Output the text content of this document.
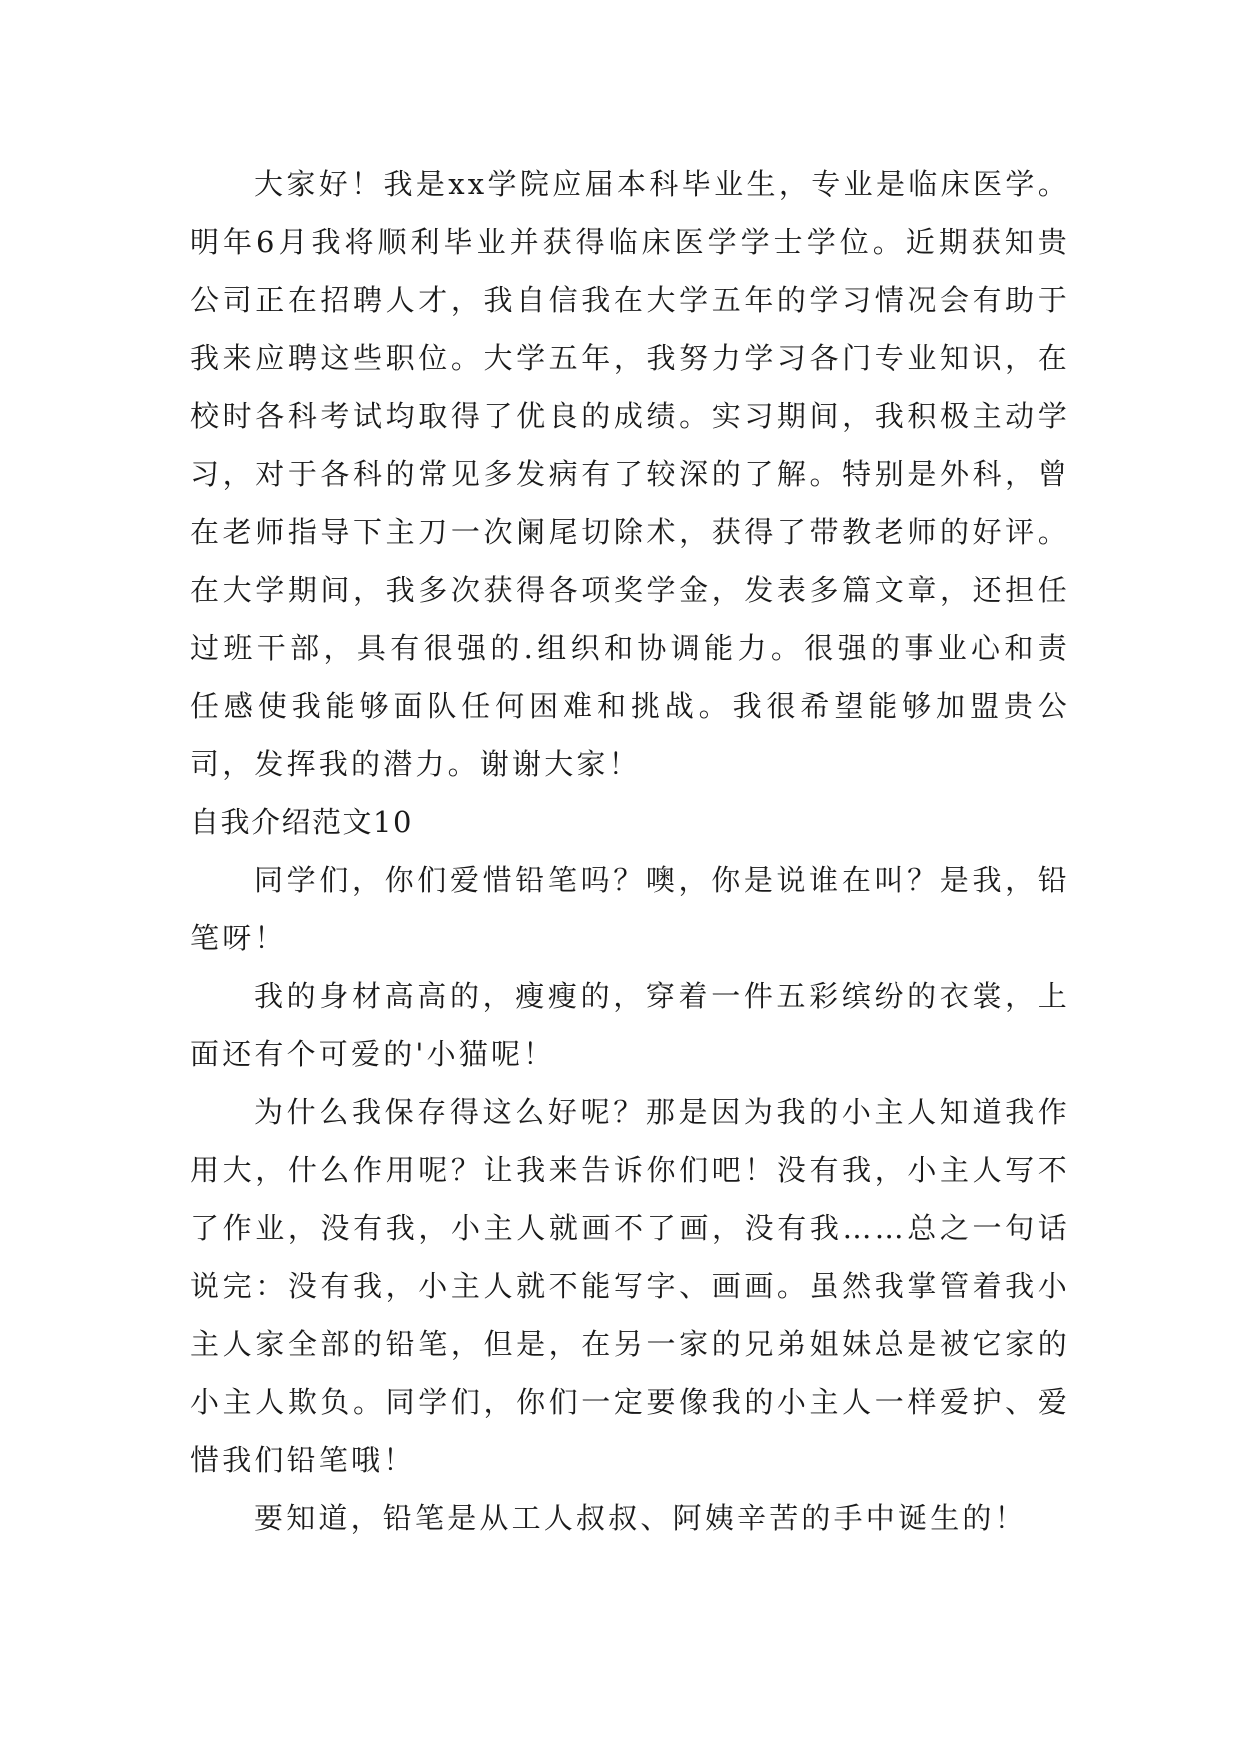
大家好！我是xx学院应届本科毕业生，专业是临床医学。明年6月我将顺利毕业并获得临床医学学士学位。近期获知贵公司正在招聘人才，我自信我在大学五年的学习情况会有助于我来应聘这些职位。大学五年，我努力学习各门专业知识，在校时各科考试均取得了优良的成绩。实习期间，我积极主动学习，对于各科的常见多发病有了较深的了解。特别是外科，曾在老师指导下主刀一次阑尾切除术，获得了带教老师的好评。在大学期间，我多次获得各项奖学金，发表多篇文章，还担任过班干部，具有很强的.组织和协调能力。很强的事业心和责任感使我能够面队任何困难和挑战。我很希望能够加盟贵公司，发挥我的潜力。谢谢大家！

自我介绍范文10

同学们，你们爱惜铅笔吗？噢，你是说谁在叫？是我，铅笔呀！

我的身材高高的，瘦瘦的，穿着一件五彩缤纷的衣裳，上面还有个可爱的'小猫呢！

为什么我保存得这么好呢？那是因为我的小主人知道我作用大，什么作用呢？让我来告诉你们吧！没有我，小主人写不了作业，没有我，小主人就画不了画，没有我……总之一句话说完：没有我，小主人就不能写字、画画。虽然我掌管着我小主人家全部的铅笔，但是，在另一家的兄弟姐妹总是被它家的小主人欺负。同学们，你们一定要像我的小主人一样爱护、爱惜我们铅笔哦！

要知道，铅笔是从工人叔叔、阿姨辛苦的手中诞生的！
